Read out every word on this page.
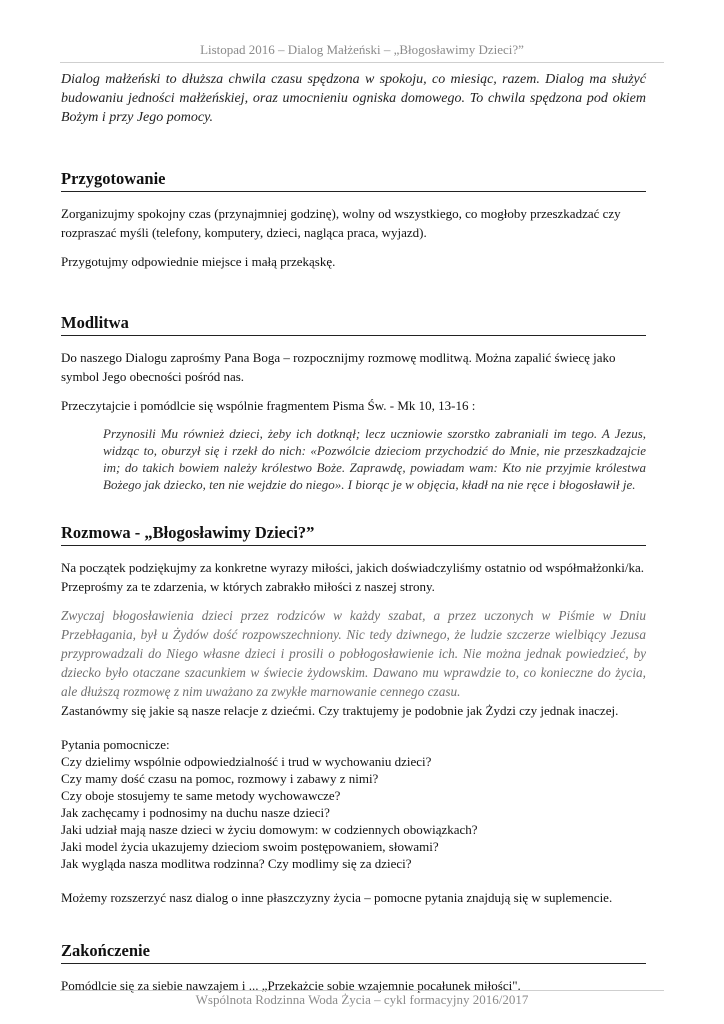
Listopad 2016 – Dialog Małżeński – „Błogosławimy Dzieci?”

Dialog małżeński to dłuższa chwila czasu spędzona w spokoju, co miesiąc, razem. Dialog ma służyć budowaniu jedności małżeńskiej, oraz umocnieniu ogniska domowego. To chwila spędzona pod okiem Bożym i przy Jego pomocy.

Przygotowanie

Zorganizujmy spokojny czas (przynajmniej godzinę), wolny od wszystkiego, co mogłoby przeszkadzać czy rozpraszać myśli (telefony, komputery, dzieci, nagląca praca, wyjazd).

Przygotujmy odpowiednie miejsce i małą przekąskę.

Modlitwa

Do naszego Dialogu zaprośmy Pana Boga – rozpocznijmy rozmowę modlitwą. Można zapalić świecę jako symbol Jego obecności pośród nas.

Przeczytajcie i pomódlcie się wspólnie fragmentem Pisma Św. - Mk 10, 13-16 :

Przynosili Mu również dzieci, żeby ich dotknął; lecz uczniowie szorstko zabraniali im tego. A Jezus, widząc to, oburzył się i rzekł do nich: «Pozwólcie dzieciom przychodzić do Mnie, nie przeszkadzajcie im; do takich bowiem należy królestwo Boże. Zaprawdę, powiadam wam: Kto nie przyjmie królestwa Bożego jak dziecko, ten nie wejdzie do niego». I biorąc je w objęcia, kładł na nie ręce i błogosławił je.

Rozmowa - „Błogosławimy Dzieci?”

Na początek podziękujmy za konkretne wyrazy miłości, jakich doświadczyliśmy ostatnio od współmałżonki/ka. Przeprośmy za te zdarzenia, w których zabrakło miłości z naszej strony.

Zwyczaj błogosławienia dzieci przez rodziców w każdy szabat, a przez uczonych w Piśmie w Dniu Przebłagania, był u Żydów dość rozpowszechniony. Nic tedy dziwnego, że ludzie szczerze wielbiący Jezusa przyprowadzali do Niego własne dzieci i prosili o pobłogosławienie ich. Nie można jednak powiedzieć, by dziecko było otaczane szacunkiem w świecie żydowskim. Dawano mu wprawdzie to, co konieczne do życia, ale dłuższą rozmowę z nim uważano za zwykłe marnowanie cennego czasu.

Zastanówmy się jakie są nasze relacje z dziećmi. Czy traktujemy je podobnie jak Żydzi czy jednak inaczej.

Pytania pomocnicze:
Czy dzielimy wspólnie odpowiedzialność i trud w wychowaniu dzieci?
Czy mamy dość czasu na pomoc, rozmowy i zabawy z nimi?
Czy oboje stosujemy te same metody wychowawcze?
Jak zachęcamy i podnosimy na duchu nasze dzieci?
Jaki udział mają nasze dzieci w życiu domowym: w codziennych obowiązkach?
Jaki model życia ukazujemy dzieciom swoim postępowaniem, słowami?
Jak wygląda nasza modlitwa rodzinna? Czy modlimy się za dzieci?

Możemy rozszerzyć nasz dialog o inne płaszczyzny życia – pomocne pytania znajdują się w suplemencie.

Zakończenie

Pomódlcie się za siebie nawzajem i ... „Przekażcie sobie wzajemnie pocałunek miłości".

Wspólnota Rodzinna Woda Życia – cykl formacyjny 2016/2017
